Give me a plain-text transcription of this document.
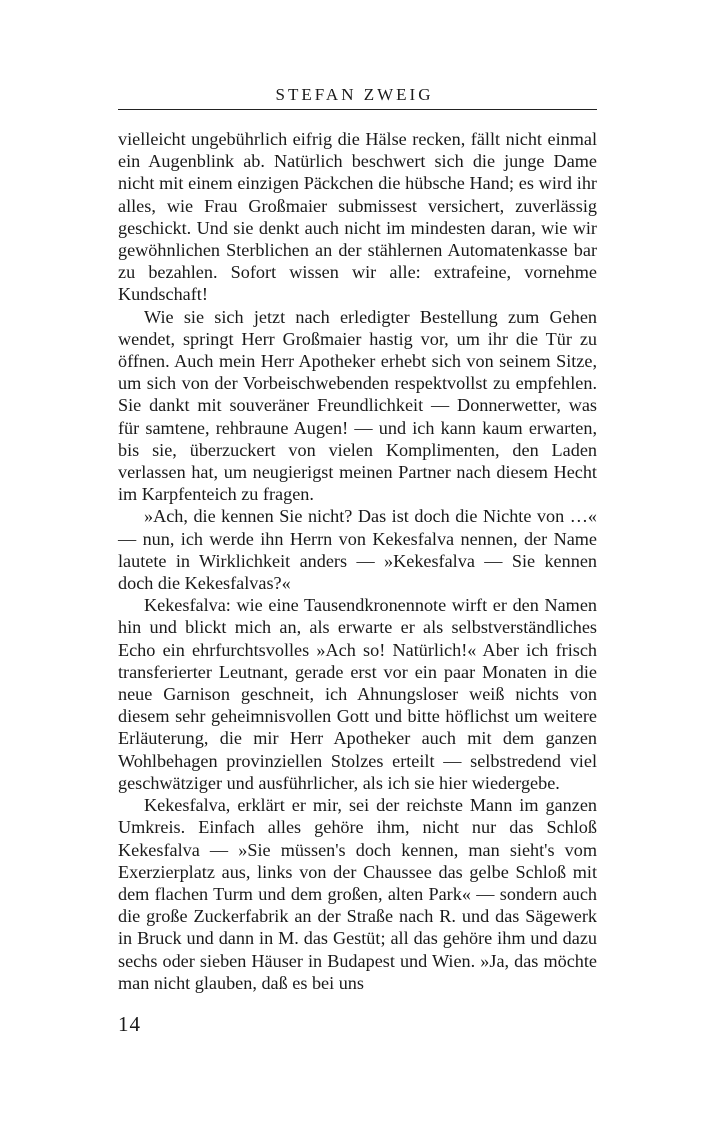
STEFAN ZWEIG

vielleicht ungebührlich eifrig die Hälse recken, fällt nicht einmal ein Augenblink ab. Natürlich beschwert sich die junge Dame nicht mit einem einzigen Päckchen die hübsche Hand; es wird ihr alles, wie Frau Großmaier submissest versichert, zuverlässig geschickt. Und sie denkt auch nicht im mindesten daran, wie wir gewöhnlichen Sterblichen an der stählernen Automatenkasse bar zu bezahlen. Sofort wissen wir alle: extrafeine, vornehme Kundschaft!

Wie sie sich jetzt nach erledigter Bestellung zum Gehen wendet, springt Herr Großmaier hastig vor, um ihr die Tür zu öffnen. Auch mein Herr Apotheker erhebt sich von seinem Sitze, um sich von der Vorbeischwebenden respektvollst zu empfehlen. Sie dankt mit souveräner Freundlichkeit — Donnerwetter, was für samtene, rehbraune Augen! — und ich kann kaum erwarten, bis sie, überzuckert von vielen Komplimenten, den Laden verlassen hat, um neugierigst meinen Partner nach diesem Hecht im Karpfenteich zu fragen.

»Ach, die kennen Sie nicht? Das ist doch die Nichte von …« — nun, ich werde ihn Herrn von Kekesfalva nennen, der Name lautete in Wirklichkeit anders — »Kekesfalva — Sie kennen doch die Kekesfalvas?«

Kekesfalva: wie eine Tausendkronennote wirft er den Namen hin und blickt mich an, als erwarte er als selbstverständliches Echo ein ehrfurchtsvolles »Ach so! Natürlich!« Aber ich frisch transferierter Leutnant, gerade erst vor ein paar Monaten in die neue Garnison geschneit, ich Ahnungsloser weiß nichts von diesem sehr geheimnisvollen Gott und bitte höflichst um weitere Erläuterung, die mir Herr Apotheker auch mit dem ganzen Wohlbehagen provinziellen Stolzes erteilt — selbstredend viel geschwätziger und ausführlicher, als ich sie hier wiedergebe.

Kekesfalva, erklärt er mir, sei der reichste Mann im ganzen Umkreis. Einfach alles gehöre ihm, nicht nur das Schloß Kekesfalva — »Sie müssen's doch kennen, man sieht's vom Exerzierplatz aus, links von der Chaussee das gelbe Schloß mit dem flachen Turm und dem großen, alten Park« — sondern auch die große Zuckerfabrik an der Straße nach R. und das Sägewerk in Bruck und dann in M. das Gestüt; all das gehöre ihm und dazu sechs oder sieben Häuser in Budapest und Wien. »Ja, das möchte man nicht glauben, daß es bei uns

14
